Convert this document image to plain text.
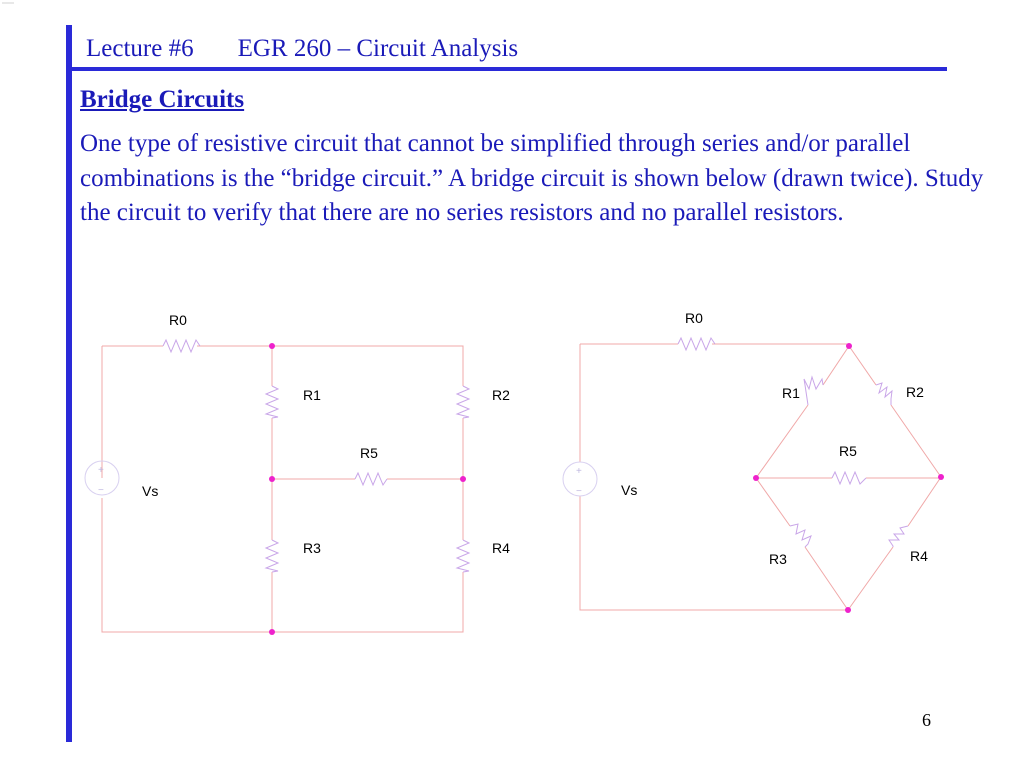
Lecture #6 EGR 260 – Circuit Analysis
Bridge Circuits
One type of resistive circuit that cannot be simplified through series and/or parallel combinations is the “bridge circuit.” A bridge circuit is shown below (drawn twice). Study the circuit to verify that there are no series resistors and no parallel resistors.
+
−
R0
R1	R2
R5
R3	R4
Vs
+
−
R0
R1	R2
R5
R3	R4
Vs
6
